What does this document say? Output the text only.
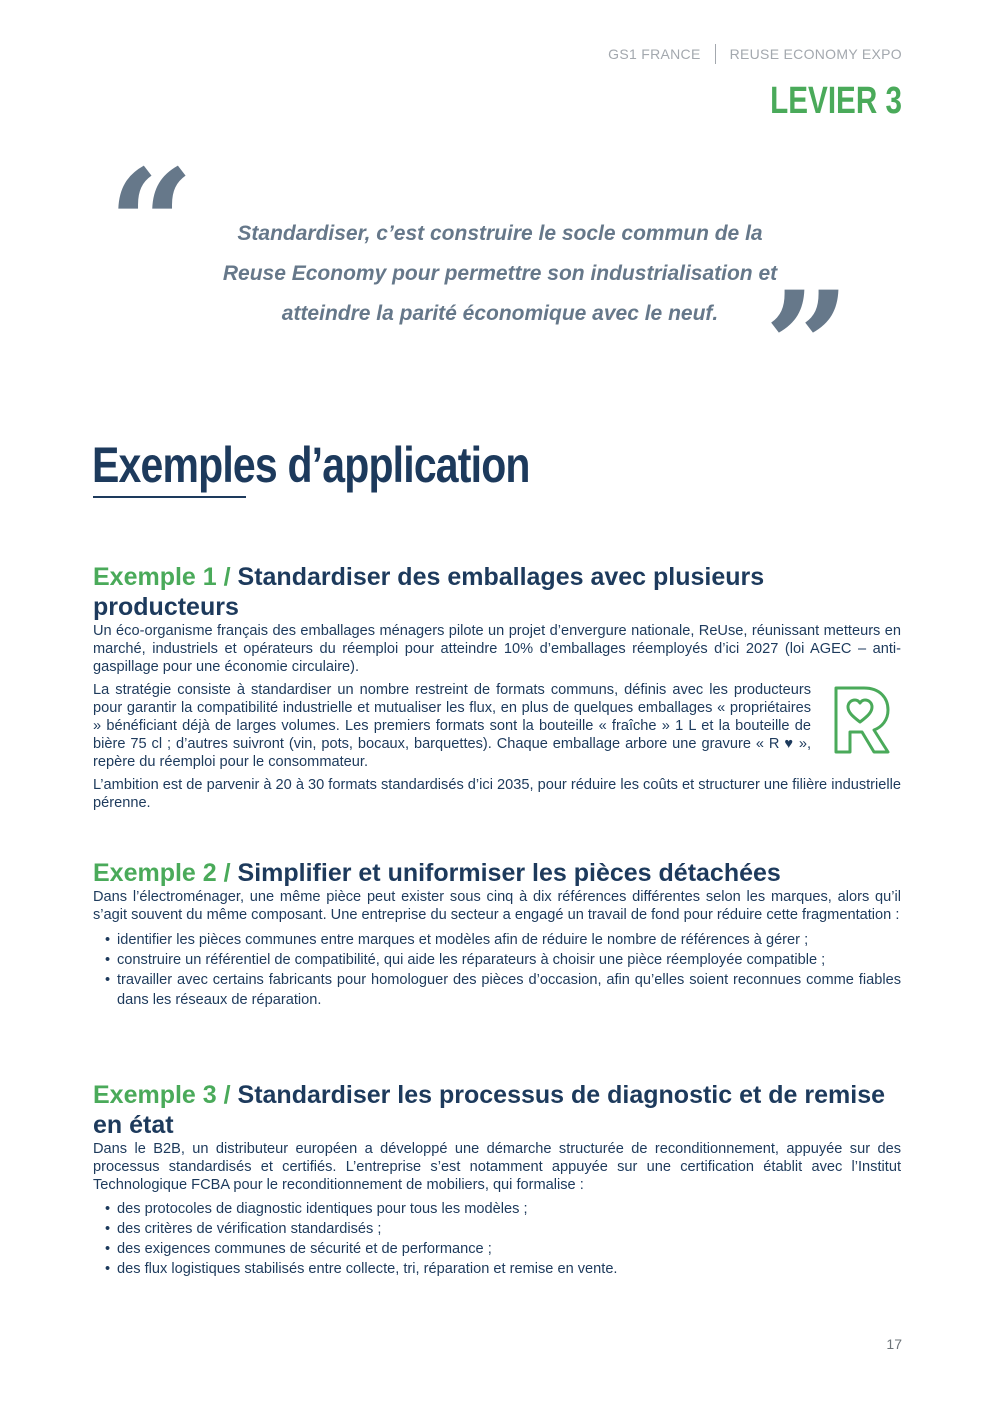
GS1 FRANCE REUSE ECONOMY EXPO
LEVIER 3
“	Standardiser, c’est construire le socle commun de la
Reuse Economy pour permettre son industrialisation et
atteindre la parité économique avec le neuf. ”
Exemples d’application
Exemple 1 / Standardiser des emballages avec plusieurs producteurs

Un éco-organisme français des emballages ménagers pilote un projet d’envergure nationale, ReUse, réunissant metteurs en marché, industriels et opérateurs du réemploi pour atteindre 10% d’emballages réemployés d’ici 2027 (loi AGEC – anti-gaspillage pour une économie circulaire).

La stratégie consiste à standardiser un nombre restreint de formats communs, définis avec les producteurs pour garantir la compatibilité industrielle et mutualiser les flux, en plus de quelques emballages « propriétaires » bénéficiant déjà de larges volumes. Les premiers formats sont la bouteille « fraîche » 1 L et la bouteille de bière 75 cl ; d’autres suivront (vin, pots, bocaux, barquettes). Chaque emballage arbore une gravure « R ♥ », repère du réemploi pour le consommateur.

L’ambition est de parvenir à 20 à 30 formats standardisés d’ici 2035, pour réduire les coûts et structurer une filière industrielle pérenne.

Exemple 2 / Simplifier et uniformiser les pièces détachées

Dans l’électroménager, une même pièce peut exister sous cinq à dix références différentes selon les marques, alors qu’il s’agit souvent du même composant. Une entreprise du secteur a engagé un travail de fond pour réduire cette fragmentation :

• identifier les pièces communes entre marques et modèles afin de réduire le nombre de références à gérer ;
• construire un référentiel de compatibilité, qui aide les réparateurs à choisir une pièce réemployée compatible ;
• travailler avec certains fabricants pour homologuer des pièces d’occasion, afin qu’elles soient reconnues comme fiables dans les réseaux de réparation.
Exemple 3 / Standardiser les processus de diagnostic et de remise en état

Dans le B2B, un distributeur européen a développé une démarche structurée de reconditionnement, appuyée sur des processus standardisés et certifiés. L’entreprise s’est notamment appuyée sur une certification établit avec l’Institut Technologique FCBA pour le reconditionnement de mobiliers, qui formalise :

• des protocoles de diagnostic identiques pour tous les modèles ;
• des critères de vérification standardisés ;
• des exigences communes de sécurité et de performance ;
• des flux logistiques stabilisés entre collecte, tri, réparation et remise en vente.
17
